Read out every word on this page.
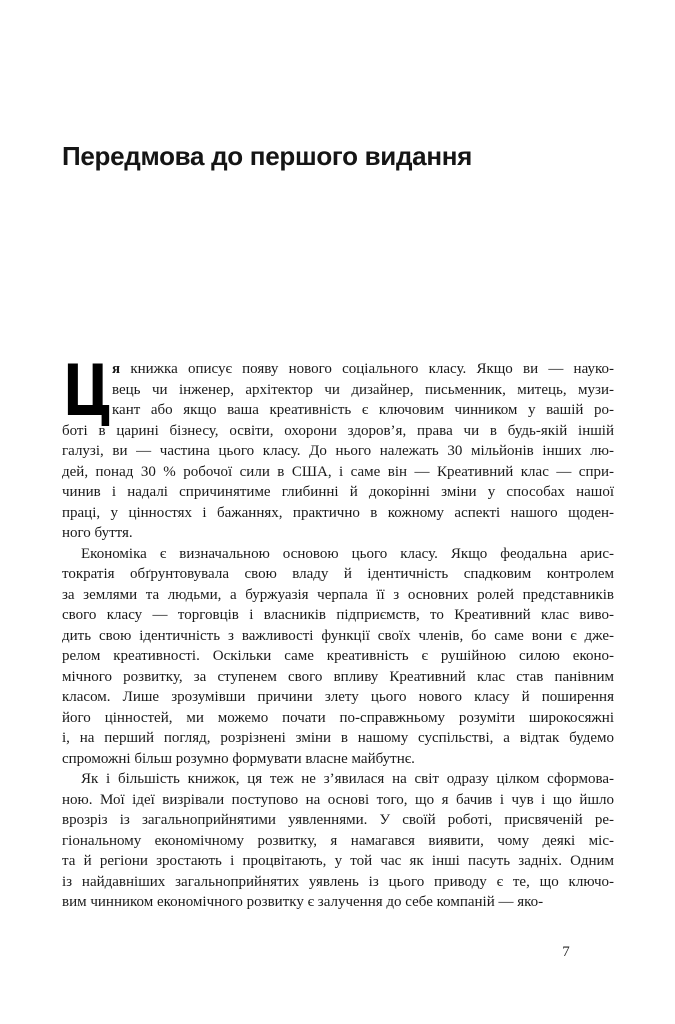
Передмова до першого видання
Ц я книжка описує появу нового соціального класу. Якщо ви — науко-
вець чи інженер, архітектор чи дизайнер, письменник, митець, музи-
кант або якщо ваша креативність є ключовим чинником у вашій ро-
боті в царині бізнесу, освіти, охорони здоров’я, права чи в будь-якій іншій
галузі, ви — частина цього класу. До нього належать 30 мільйонів інших лю-
дей, понад 30 % робочої сили в США, і саме він — Креативний клас — спри-
чинив і надалі спричинятиме глибинні й докорінні зміни у способах нашої
праці, у цінностях і бажаннях, практично в кожному аспекті нашого щоден-
ного буття.
Економіка є визначальною основою цього класу. Якщо феодальна арис-
тократія обґрунтовувала свою владу й ідентичність спадковим контролем
за землями та людьми, а буржуазія черпала її з основних ролей представників
свого класу — торговців і власників підприємств, то Креативний клас виво-
дить свою ідентичність з важливості функції своїх членів, бо саме вони є дже-
релом креативності. Оскільки саме креативність є рушійною силою еконо-
мічного розвитку, за ступенем свого впливу Креативний клас став панівним
класом. Лише зрозумівши причини злету цього нового класу й поширення
його цінностей, ми можемо почати по-справжньому розуміти широкосяжні
і, на перший погляд, розрізнені зміни в нашому суспільстві, а відтак будемо
спроможні більш розумно формувати власне майбутнє.
Як і більшість книжок, ця теж не з’явилася на світ одразу цілком сформова-
ною. Мої ідеї визрівали поступово на основі того, що я бачив і чув і що йшло
врозріз із загальноприйнятими уявленнями. У своїй роботі, присвяченій ре-
гіональному економічному розвитку, я намагався виявити, чому деякі міс-
та й регіони зростають і процвітають, у той час як інші пасуть задніх. Одним
із найдавніших загальноприйнятих уявлень із цього приводу є те, що ключо-
вим чинником економічного розвитку є залучення до себе компаній — яко-
7
